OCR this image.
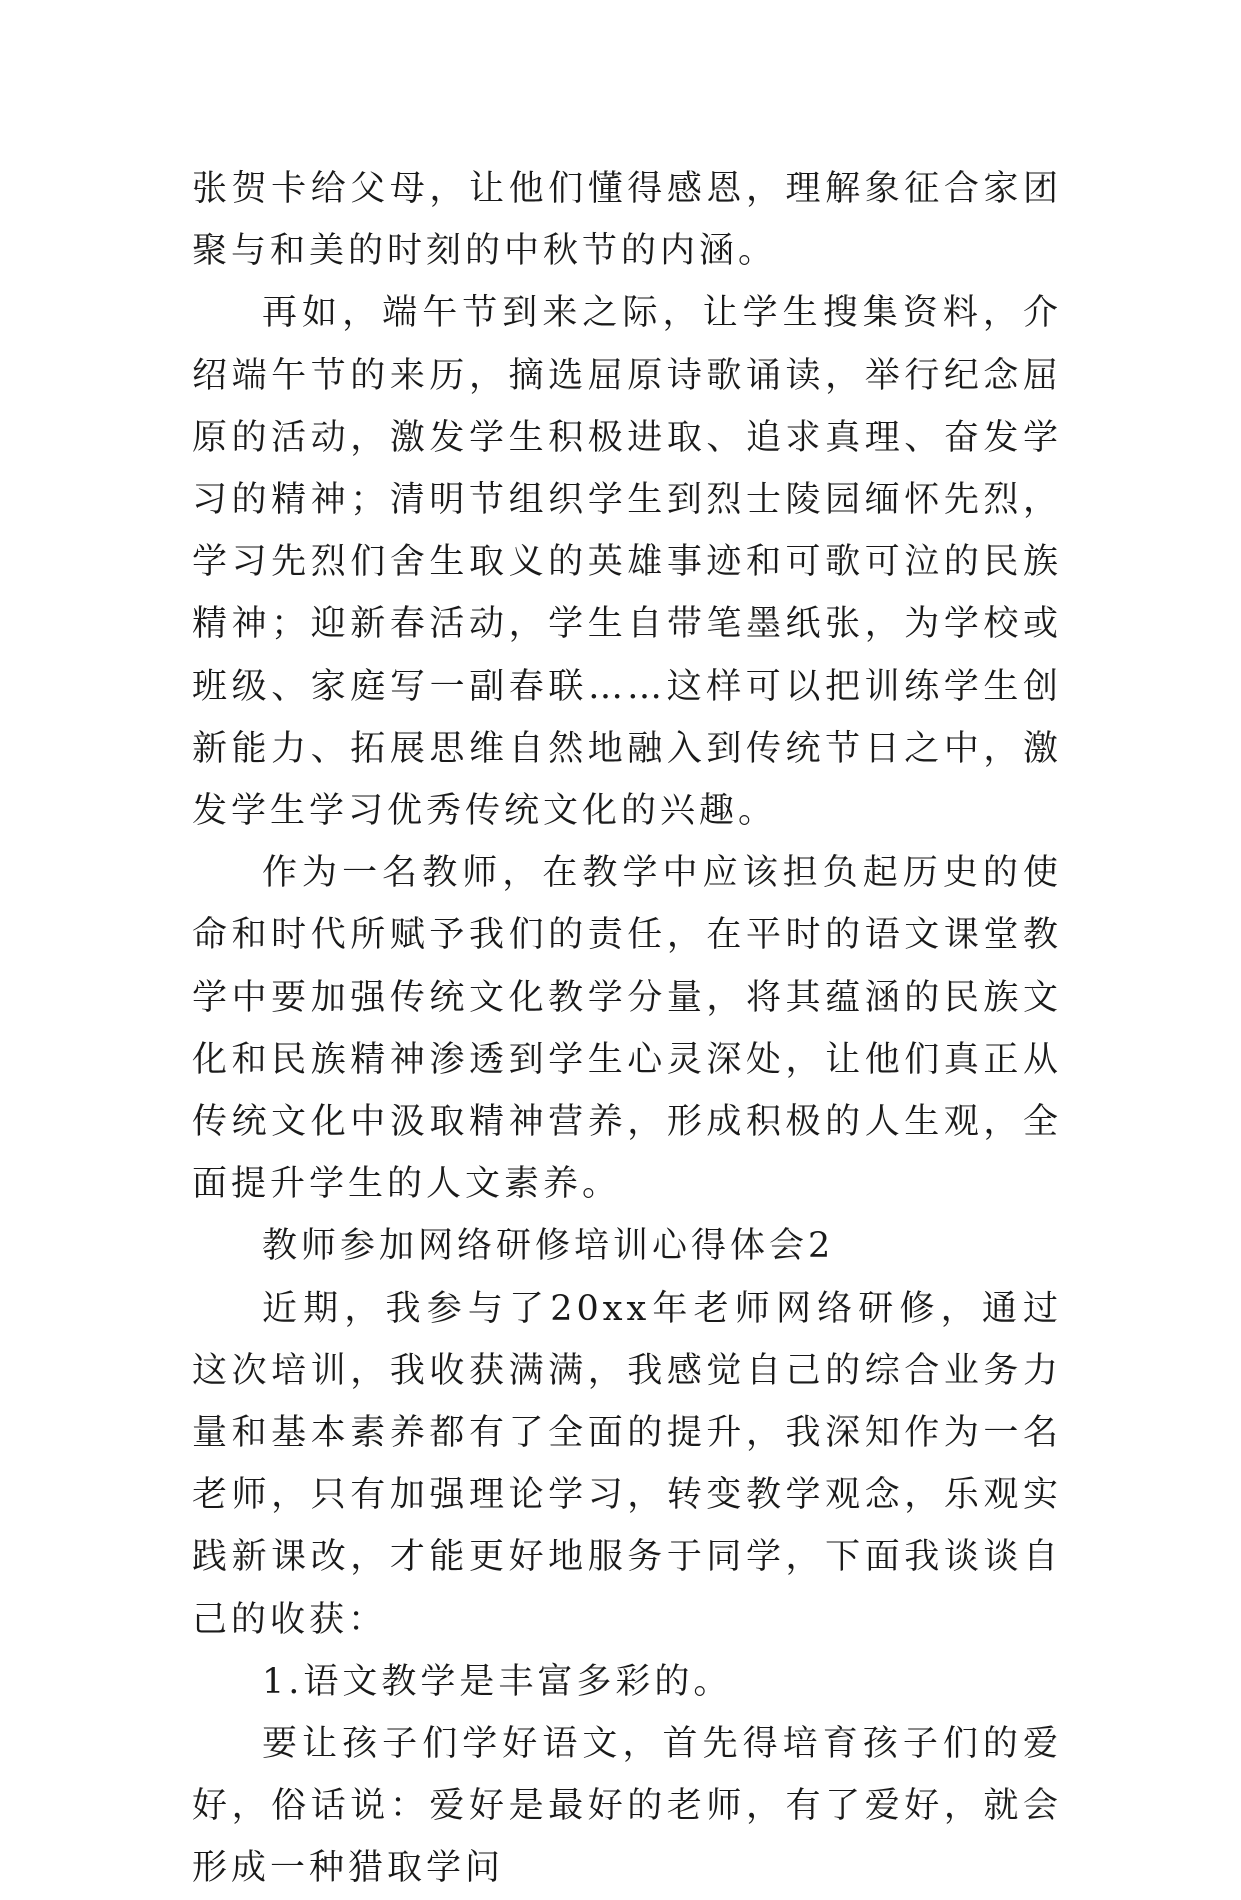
张贺卡给父母，让他们懂得感恩，理解象征合家团聚与和美的时刻的中秋节的内涵。

再如，端午节到来之际，让学生搜集资料，介绍端午节的来历，摘选屈原诗歌诵读，举行纪念屈原的活动，激发学生积极进取、追求真理、奋发学习的精神；清明节组织学生到烈士陵园缅怀先烈，学习先烈们舍生取义的英雄事迹和可歌可泣的民族精神；迎新春活动，学生自带笔墨纸张，为学校或班级、家庭写一副春联……这样可以把训练学生创新能力、拓展思维自然地融入到传统节日之中，激发学生学习优秀传统文化的兴趣。

作为一名教师，在教学中应该担负起历史的使命和时代所赋予我们的责任，在平时的语文课堂教学中要加强传统文化教学分量，将其蕴涵的民族文化和民族精神渗透到学生心灵深处，让他们真正从传统文化中汲取精神营养，形成积极的人生观，全面提升学生的人文素养。

教师参加网络研修培训心得体会2

近期，我参与了20xx年老师网络研修，通过这次培训，我收获满满，我感觉自己的综合业务力量和基本素养都有了全面的提升，我深知作为一名老师，只有加强理论学习，转变教学观念，乐观实践新课改，才能更好地服务于同学，下面我谈谈自己的收获：

1.语文教学是丰富多彩的。

要让孩子们学好语文，首先得培育孩子们的爱好，俗话说：爱好是最好的老师，有了爱好，就会形成一种猎取学问
